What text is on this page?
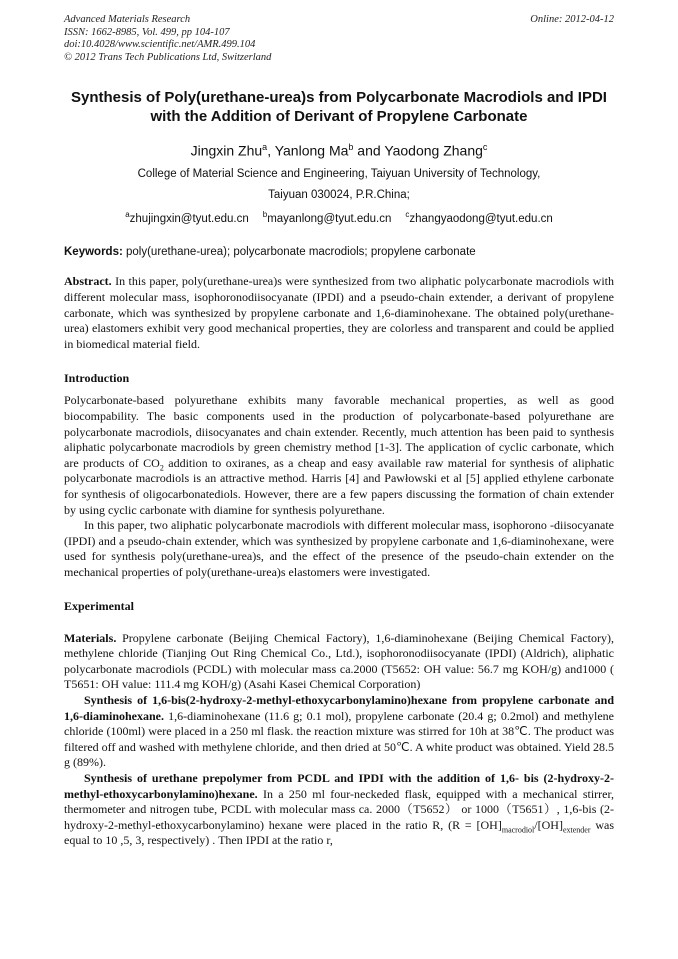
Advanced Materials Research
ISSN: 1662-8985, Vol. 499, pp 104-107
doi:10.4028/www.scientific.net/AMR.499.104
© 2012 Trans Tech Publications Ltd, Switzerland
Online: 2012-04-12
Synthesis of Poly(urethane-urea)s from Polycarbonate Macrodiols and IPDI with the Addition of Derivant of Propylene Carbonate
Jingxin Zhu$^a$, Yanlong Ma$^b$ and Yaodong Zhang$^c$
College of Material Science and Engineering, Taiyuan University of Technology,
Taiyuan 030024, P.R.China;
$^a$zhujingxin@tyut.edu.cn $^b$mayanlong@tyut.edu.cn $^c$zhangyaodong@tyut.edu.cn
Keywords: poly(urethane-urea); polycarbonate macrodiols; propylene carbonate

Abstract. In this paper, poly(urethane-urea)s were synthesized from two aliphatic polycarbonate macrodiols with different molecular mass, isophoronodiisocyanate (IPDI) and a pseudo-chain extender, a derivant of propylene carbonate, which was synthesized by propylene carbonate and 1,6-diaminohexane. The obtained poly(urethane-urea) elastomers exhibit very good mechanical properties, they are colorless and transparent and could be applied in biomedical material field.

Introduction

Polycarbonate-based polyurethane exhibits many favorable mechanical properties, as well as good biocompability. The basic components used in the production of polycarbonate-based polyurethane are polycarbonate macrodiols, diisocyanates and chain extender. Recently, much attention has been paid to synthesis aliphatic polycarbonate macrodiols by green chemistry method [1-3]. The application of cyclic carbonate, which are products of $CO_2$ addition to oxiranes, as a cheap and easy available raw material for synthesis of aliphatic polycarbonate macrodiols is an attractive method. Harris [4] and Pawłowski et al [5] applied ethylene carbonate for synthesis of oligocarbonatediols. However, there are a few papers discussing the formation of chain extender by using cyclic carbonate with diamine for synthesis polyurethane.

In this paper, two aliphatic polycarbonate macrodiols with different molecular mass, isophorono -diisocyanate (IPDI) and a pseudo-chain extender, which was synthesized by propylene carbonate and 1,6-diaminohexane, were used for synthesis poly(urethane-urea)s, and the effect of the presence of the pseudo-chain extender on the mechanical properties of poly(urethane-urea)s elastomers were investigated.

Experimental

Materials. Propylene carbonate (Beijing Chemical Factory), 1,6-diaminohexane (Beijing Chemical Factory), methylene chloride (Tianjing Out Ring Chemical Co., Ltd.), isophoronodiisocyanate (IPDI) (Aldrich), aliphatic polycarbonate macrodiols (PCDL) with molecular mass ca.2000 (T5652: OH value: 56.7 mg KOH/g) and1000 ( T5651: OH value: 111.4 mg KOH/g) (Asahi Kasei Chemical Corporation)

Synthesis of 1,6-bis(2-hydroxy-2-methyl-ethoxycarbonylamino)hexane from propylene carbonate and 1,6-diaminohexane. 1,6-diaminohexane (11.6 g; 0.1 mol), propylene carbonate (20.4 g; 0.2mol) and methylene chloride (100ml) were placed in a 250 ml flask. the reaction mixture was stirred for 10h at 38℃. The product was filtered off and washed with methylene chloride, and then dried at 50℃. A white product was obtained. Yield 28.5 g (89%).

Synthesis of urethane prepolymer from PCDL and IPDI with the addition of 1,6- bis (2-hydroxy-2-methyl-ethoxycarbonylamino)hexane. In a 250 ml four-neckeded flask, equipped with a mechanical stirrer, thermometer and nitrogen tube, PCDL with molecular mass ca. 2000（T5652） or 1000（T5651）, 1,6-bis (2-hydroxy-2-methyl-ethoxycarbonylamino) hexane were placed in the ratio R, ($R = [OH]_{macrodiol}/[OH]_{extender}$ was equal to 10 ,5, 3, respectively) . Then IPDI at the ratio r,
